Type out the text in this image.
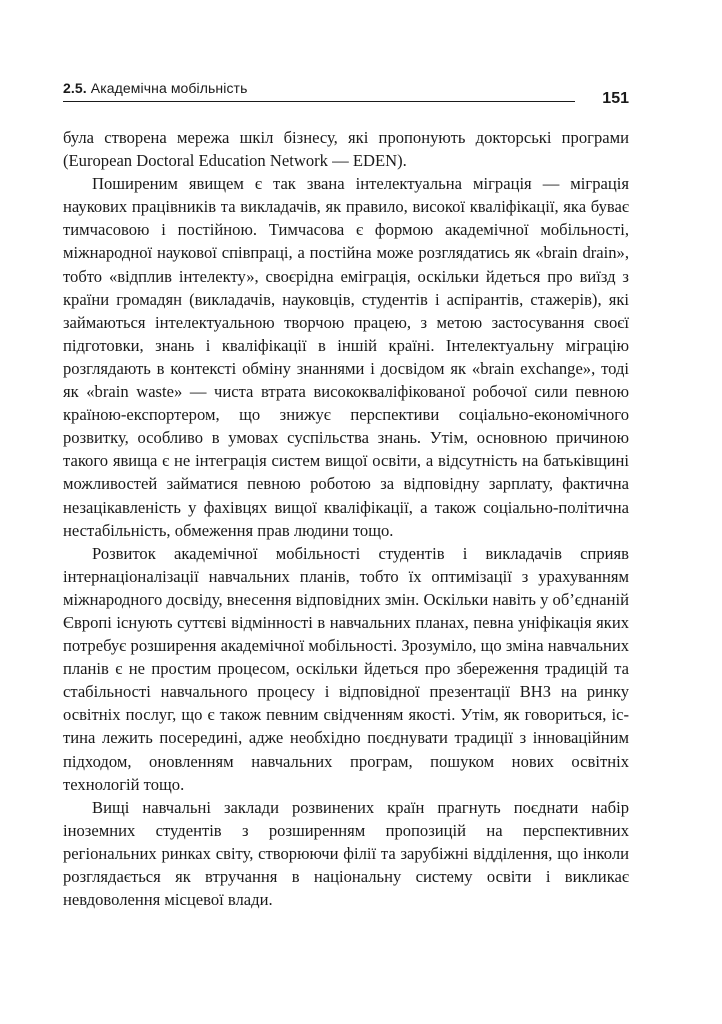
2.5. Академічна мобільність
151

була створена мережа шкіл бізнесу, які пропонують докторські програми (European Doctoral Education Network — EDEN).

Поширеним явищем є так звана інтелектуальна міграція — міграція наукових працівників та викладачів, як правило, високої кваліфікації, яка буває тимчасовою і постійною. Тимчасова є формою академічної мобільності, міжнародної наукової співпраці, а постійна може розглядатись як «brain drain», тобто «відплив інтелекту», своєрідна еміграція, оскільки йдеться про виїзд з країни громадян (викладачів, науковців, студентів і аспірантів, стажерів), які займаються інтелектуальною творчою працею, з метою застосування своєї підготовки, знань і кваліфікації в іншій країні. Інтелектуальну міграцію розглядають в контексті обміну знаннями і досвідом як «brain exchange», тоді як «brain waste» — чиста втрата висококваліфікованої робочої сили певною країною-експортером, що знижує перспективи соціально-економічного розвитку, особливо в умовах суспільства знань. Утім, основною причиною такого явища є не інтеграція систем вищої освіти, а відсутність на батьківщині можливостей займатися певною роботою за відповідну зарплату, фактична незацікавленість у фахівцях вищої кваліфікації, а також соціально-політична нестабільність, обмеження прав людини тощо.

Розвиток академічної мобільності студентів і викладачів сприяв інтернаціоналізації навчальних планів, тобто їх оптимізації з урахуванням міжнародного досвіду, внесення відповідних змін. Оскільки навіть у об’єднаній Європі існують суттєві відмінності в навчальних планах, певна уніфікація яких потребує розширення академічної мобільності. Зрозуміло, що зміна навчальних планів є не простим процесом, оскільки йдеться про збереження традицій та стабільності навчального процесу і відповідної презентації ВНЗ на ринку освітніх послуг, що є також певним свідченням якості. Утім, як говориться, істина лежить посередині, адже необхідно поєднувати традиції з інноваційним підходом, оновленням навчальних програм, пошуком нових освітніх технологій тощо.

Вищі навчальні заклади розвинених країн прагнуть поєднати набір іноземних студентів з розширенням пропозицій на перспективних регіональних ринках світу, створюючи філії та зарубіжні відділення, що інколи розглядається як втручання в національну систему освіти і викликає невдоволення місцевої влади.
